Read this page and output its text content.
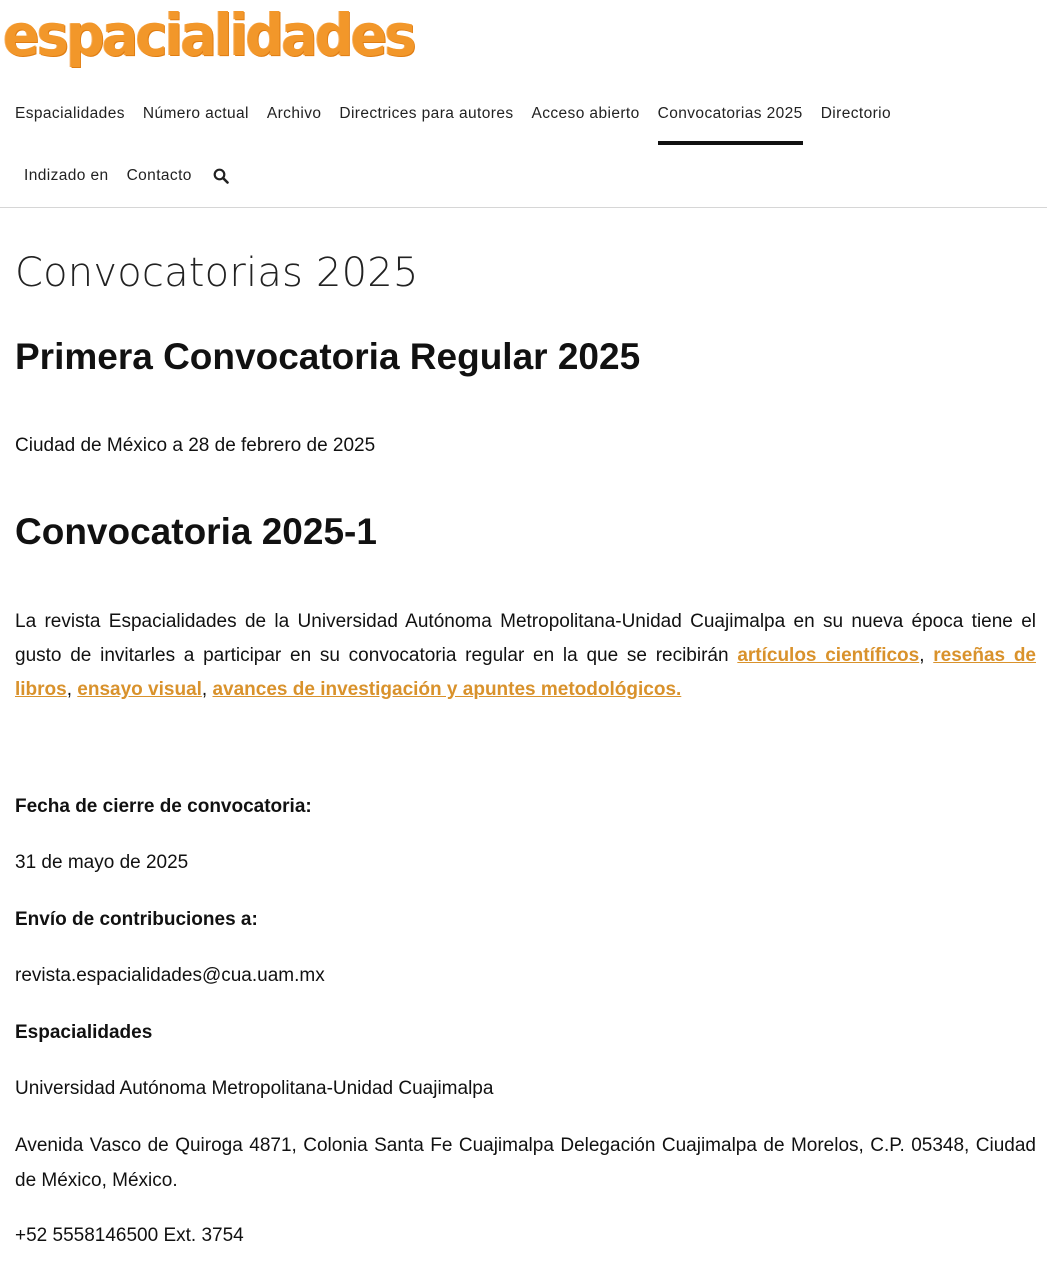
espacialidades
Espacialidades	Número actual	Archivo	Directrices para autores	Acceso abierto	Convocatorias 2025	Directorio
Indizado en	Contacto
Convocatorias 2025
Primera Convocatoria Regular 2025

Ciudad de México a 28 de febrero de 2025

Convocatoria 2025-1

La revista Espacialidades de la Universidad Autónoma Metropolitana-Unidad Cuajimalpa en su nueva época tiene el gusto de invitarles a participar en su convocatoria regular en la que se recibirán artículos científicos, reseñas de libros, ensayo visual, avances de investigación y apuntes metodológicos.

Fecha de cierre de convocatoria:

31 de mayo de 2025

Envío de contribuciones a:

revista.espacialidades@cua.uam.mx

Espacialidades

Universidad Autónoma Metropolitana-Unidad Cuajimalpa

Avenida Vasco de Quiroga 4871, Colonia Santa Fe Cuajimalpa Delegación Cuajimalpa de Morelos, C.P. 05348, Ciudad de México, México.

+52 5558146500 Ext. 3754
